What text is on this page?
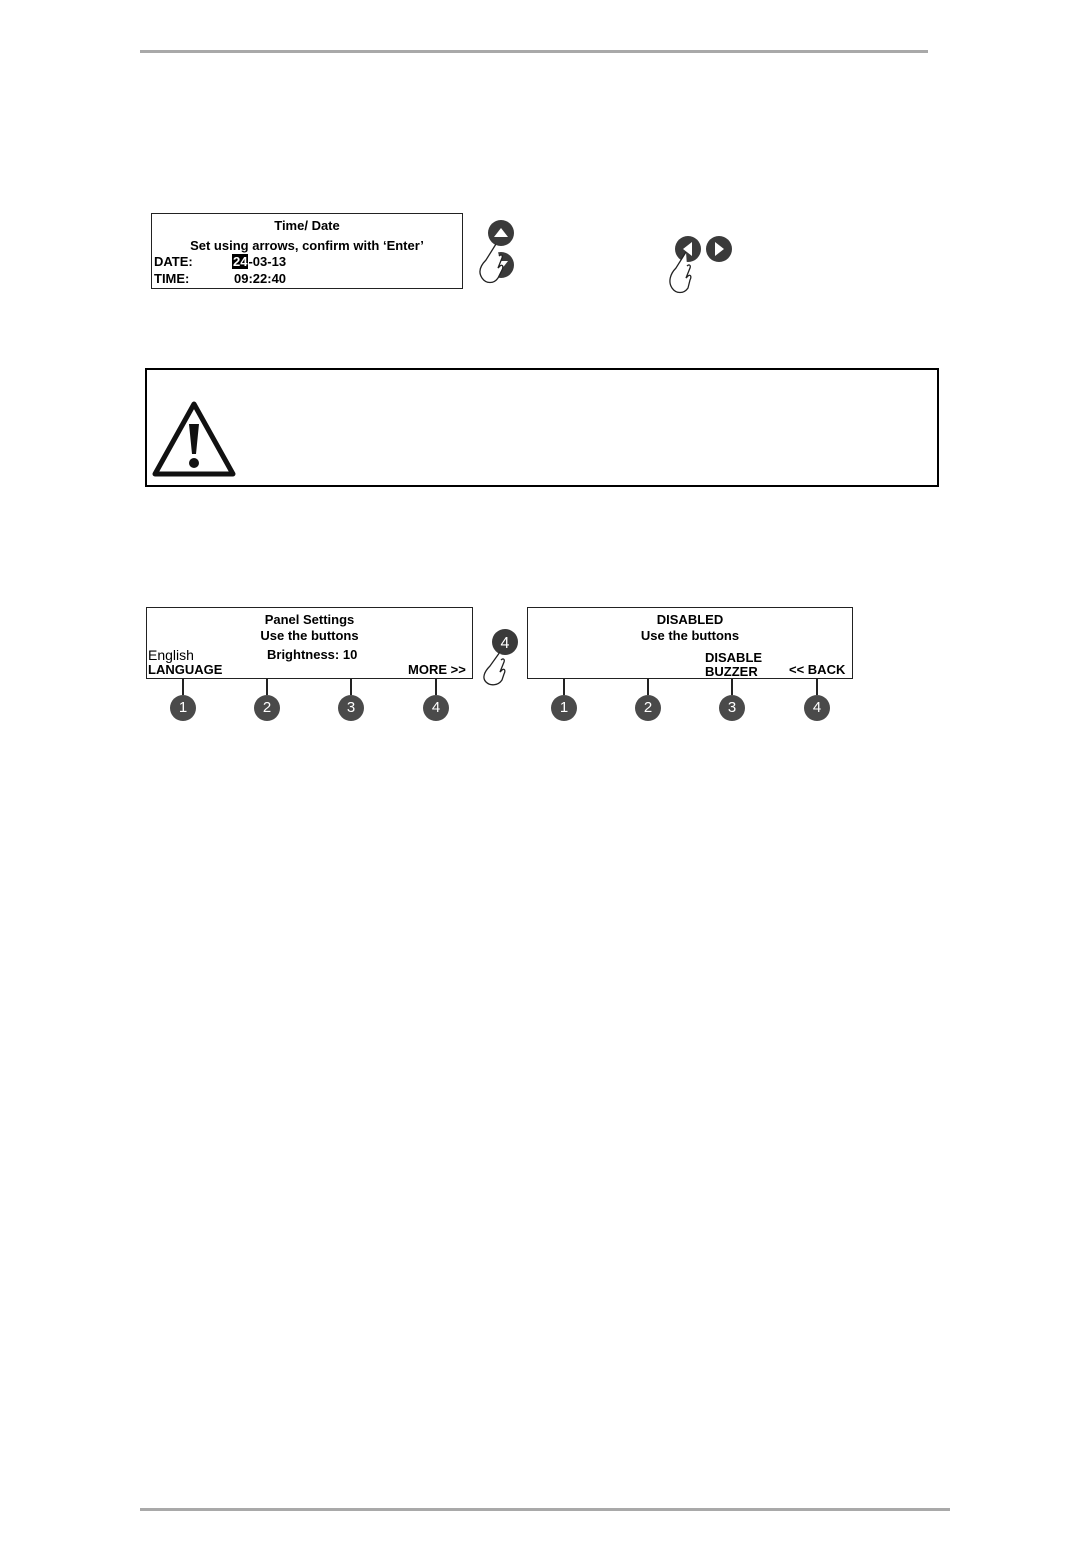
Time/ Date
Set using arrows, confirm with ‘Enter’
DATE:	24-03-13
TIME:	09:22:40
Panel Settings
Use the buttons
English
LANGUAGE
Brightness: 10
MORE >>
4
DISABLED
Use the buttons
DISABLE
BUZZER << BACK
1	2	3	4	1	2	3	4
